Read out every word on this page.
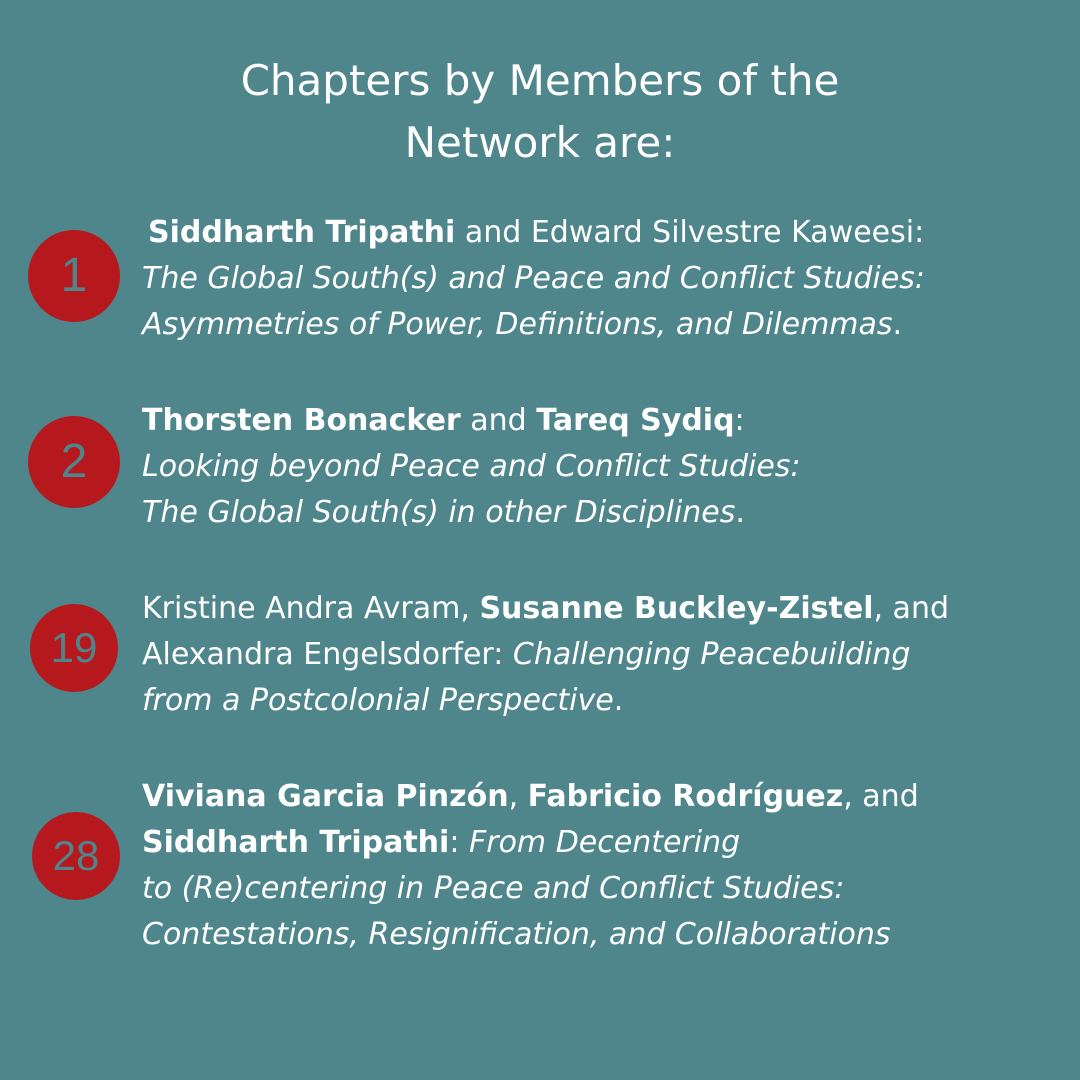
Chapters by Members of the
Network are:
1
Siddharth Tripathi and Edward Silvestre Kaweesi:
The Global South(s) and Peace and Conflict Studies:
Asymmetries of Power, Definitions, and Dilemmas.
2
Thorsten Bonacker and Tareq Sydiq:
Looking beyond Peace and Conflict Studies:
The Global South(s) in other Disciplines.
19
Kristine Andra Avram, Susanne Buckley-Zistel, and
Alexandra Engelsdorfer: Challenging Peacebuilding
from a Postcolonial Perspective.
28
Viviana Garcia Pinzón, Fabricio Rodríguez, and
Siddharth Tripathi: From Decentering
to (Re)centering in Peace and Conflict Studies:
Contestations, Resignification, and Collaborations
